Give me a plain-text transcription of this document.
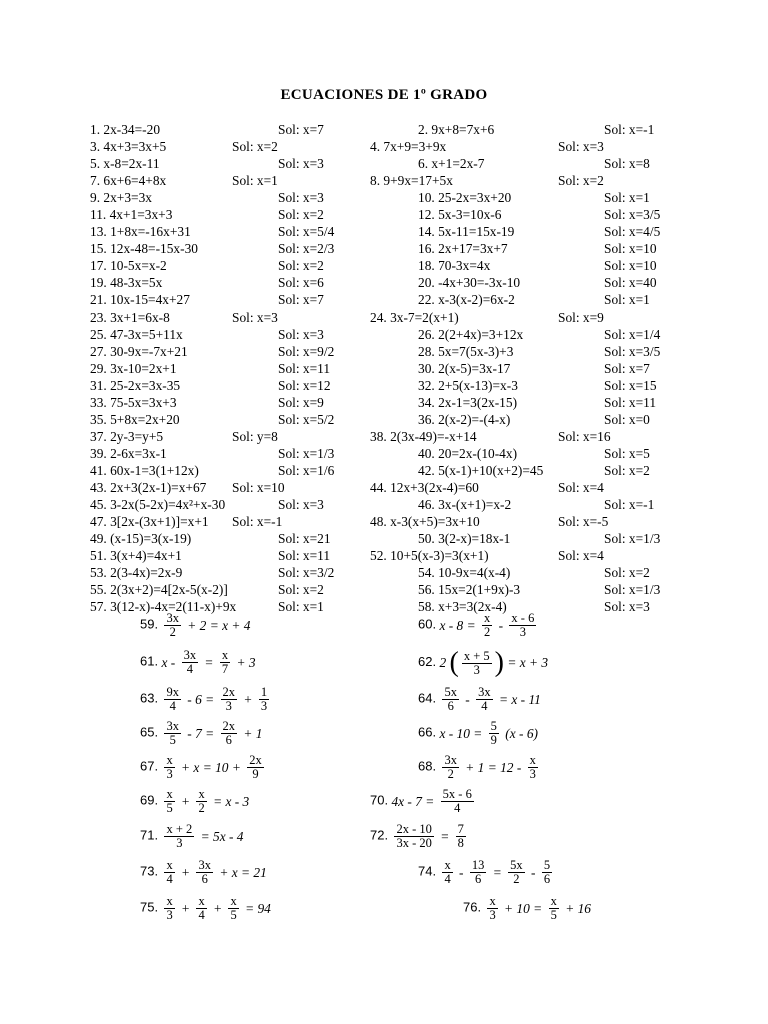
ECUACIONES DE 1º GRADO
1. 2x-34=-20	Sol: x=7	2. 9x+8=7x+6	Sol: x=-1
3. 4x+3=3x+5	Sol: x=2	4. 7x+9=3+9x	Sol: x=3
5. x-8=2x-11	Sol: x=3	6. x+1=2x-7	Sol: x=8
7. 6x+6=4+8x	Sol: x=1	8. 9+9x=17+5x	Sol: x=2
9. 2x+3=3x	Sol: x=3	10. 25-2x=3x+20	Sol: x=1
11. 4x+1=3x+3	Sol: x=2	12. 5x-3=10x-6	Sol: x=3/5
13. 1+8x=-16x+31	Sol: x=5/4	14. 5x-11=15x-19	Sol: x=4/5
15. 12x-48=-15x-30	Sol: x=2/3	16. 2x+17=3x+7	Sol: x=10
17. 10-5x=x-2	Sol: x=2	18. 70-3x=4x	Sol: x=10
19. 48-3x=5x	Sol: x=6	20. -4x+30=-3x-10	Sol: x=40
21. 10x-15=4x+27	Sol: x=7	22. x-3(x-2)=6x-2	Sol: x=1
23. 3x+1=6x-8	Sol: x=3	24. 3x-7=2(x+1)	Sol: x=9
25. 47-3x=5+11x	Sol: x=3	26. 2(2+4x)=3+12x	Sol: x=1/4
27. 30-9x=-7x+21	Sol: x=9/2	28. 5x=7(5x-3)+3	Sol: x=3/5
29. 3x-10=2x+1	Sol: x=11	30. 2(x-5)=3x-17	Sol: x=7
31. 25-2x=3x-35	Sol: x=12	32. 2+5(x-13)=x-3	Sol: x=15
33. 75-5x=3x+3	Sol: x=9	34. 2x-1=3(2x-15)	Sol: x=11
35. 5+8x=2x+20	Sol: x=5/2	36. 2(x-2)=-(4-x)	Sol: x=0
37. 2y-3=y+5	Sol: y=8	38. 2(3x-49)=-x+14	Sol: x=16
39. 2-6x=3x-1	Sol: x=1/3	40. 20=2x-(10-4x)	Sol: x=5
41. 60x-1=3(1+12x)	Sol: x=1/6	42. 5(x-1)+10(x+2)=45	Sol: x=2
43. 2x+3(2x-1)=x+67 Sol: x=10	44. 12x+3(2x-4)=60	Sol: x=4
45. 3-2x(5-2x)=4x²+x-30	Sol: x=3	46. 3x-(x+1)=x-2	Sol: x=-1
47. 3[2x-(3x+1)]=x+1 Sol: x=-1	48. x-3(x+5)=3x+10	Sol: x=-5
49. (x-15)=3(x-19)	Sol: x=21	50. 3(2-x)=18x-1	Sol: x=1/3
51. 3(x+4)=4x+1	Sol: x=11	52. 10+5(x-3)=3(x+1)	Sol: x=4
53. 2(3-4x)=2x-9	Sol: x=3/2	54. 10-9x=4(x-4)	Sol: x=2
55. 2(3x+2)=4[2x-5(x-2)]	Sol: x=2	56. 15x=2(1+9x)-3	Sol: x=1/3
57. 3(12-x)-4x=2(11-x)+9x	Sol: x=1	58. x+3=3(2x-4)	Sol: x=3
59. $\frac{3x}{2} + 2 = x + 4$	60. $x - 8 = \frac{x}{2} - \frac{x - 6}{3}$
61. $x - \frac{3x}{4} = \frac{x}{7} + 3$	62. 2 ( $\frac{x + 5}{3}$ ) = x + 3
63. $\frac{9x}{4} - 6 = \frac{2x}{3} + \frac{1}{3}$	64. $\frac{5x}{6} - \frac{3x}{4} = x - 11$
65. $\frac{3x}{5} - 7 = \frac{2x}{6} + 1$	66. $x - 10 = \frac{5}{9} (x - 6)$
67. $\frac{x}{3} + x = 10 + \frac{2x}{9}$	68. $\frac{3x}{2} + 1 = 12 - \frac{x}{3}$
69. $\frac{x}{5} + \frac{x}{2} = x - 3$	70. $4x - 7 = \frac{5x - 6}{4}$
71. $\frac{x + 2}{3} = 5x - 4$	72. $\frac{2x - 10}{3x - 20} = \frac{7}{8}$
73. $\frac{x}{4} + \frac{3x}{6} + x = 21$	74. $\frac{x}{4} - \frac{13}{6} = \frac{5x}{2} - \frac{5}{6}$
75. $\frac{x}{3} + \frac{x}{4} + \frac{x}{5} = 94$	76. $\frac{x}{3} + 10 = \frac{x}{5} + 16$
